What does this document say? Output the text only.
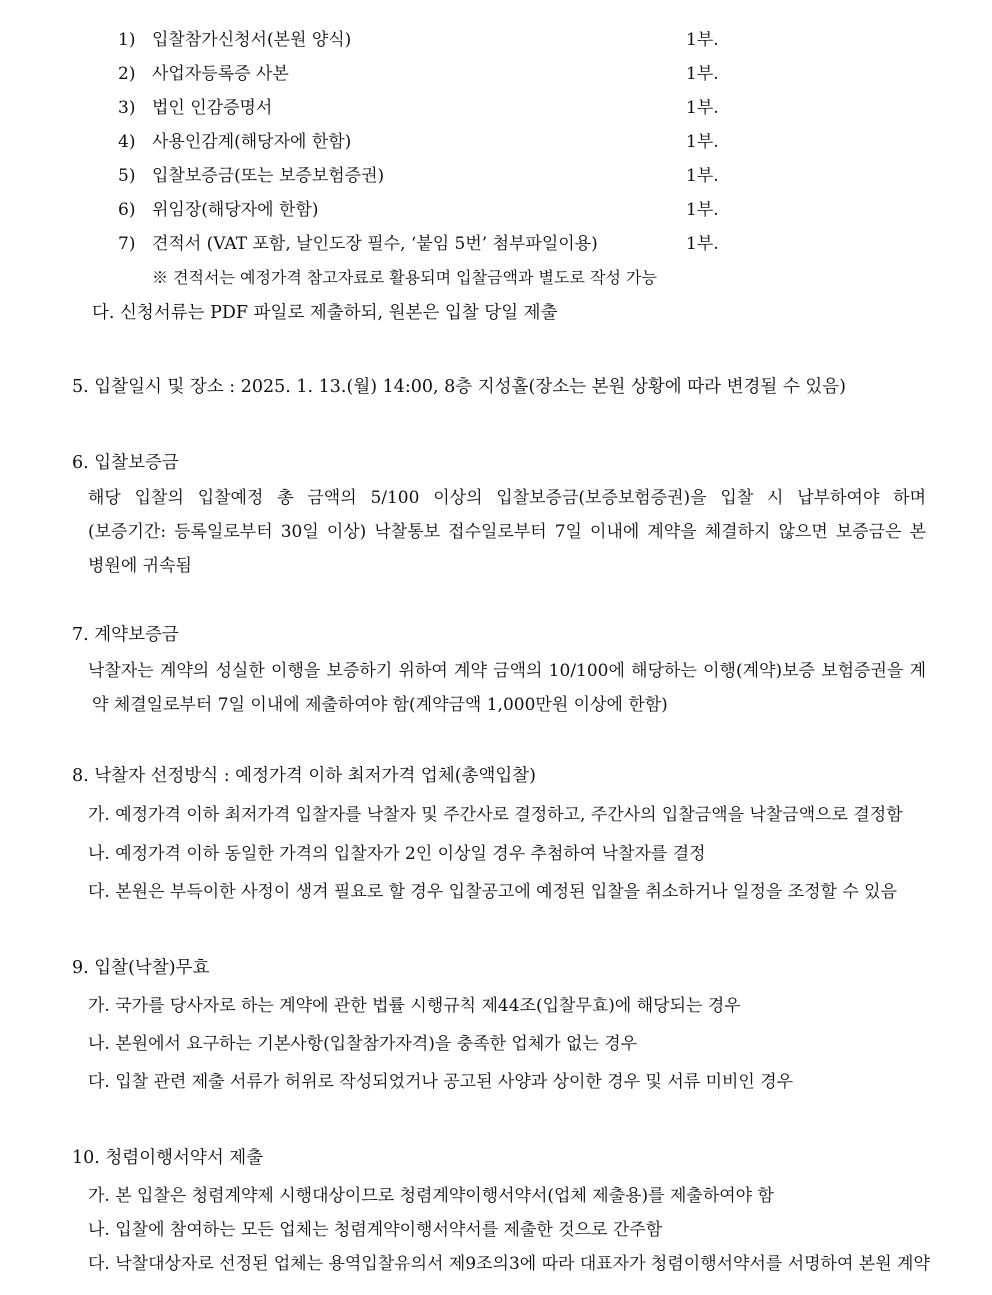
1) 입찰참가신청서(본원 양식)	1부.
2) 사업자등록증 사본	1부.
3) 법인 인감증명서	1부.
4) 사용인감계(해당자에 한함)	1부.
5) 입찰보증금(또는 보증보험증권)	1부.
6) 위임장(해당자에 한함)	1부.
7) 견적서 (VAT 포함, 날인도장 필수, ‘붙임 5번’ 첨부파일이용)	1부.
※ 견적서는 예정가격 참고자료로 활용되며 입찰금액과 별도로 작성 가능
다. 신청서류는 PDF 파일로 제출하되, 원본은 입찰 당일 제출
5. 입찰일시 및 장소 : 2025. 1. 13.(월) 14:00, 8층 지성홀(장소는 본원 상황에 따라 변경될 수 있음)
6. 입찰보증금
해당 입찰의 입찰예정 총 금액의 5/100 이상의 입찰보증금(보증보험증권)을 입찰 시 납부하여야 하며
(보증기간: 등록일로부터 30일 이상) 낙찰통보 접수일로부터 7일 이내에 계약을 체결하지 않으면 보증금은 본
병원에 귀속됨
7. 계약보증금
낙찰자는 계약의 성실한 이행을 보증하기 위하여 계약 금액의 10/100에 해당하는 이행(계약)보증 보험증권을 계
약 체결일로부터 7일 이내에 제출하여야 함(계약금액 1,000만원 이상에 한함)
8. 낙찰자 선정방식 : 예정가격 이하 최저가격 업체(총액입찰)
가. 예정가격 이하 최저가격 입찰자를 낙찰자 및 주간사로 결정하고, 주간사의 입찰금액을 낙찰금액으로 결정함
나. 예정가격 이하 동일한 가격의 입찰자가 2인 이상일 경우 추첨하여 낙찰자를 결정
다. 본원은 부득이한 사정이 생겨 필요로 할 경우 입찰공고에 예정된 입찰을 취소하거나 일정을 조정할 수 있음
9. 입찰(낙찰)무효
가. 국가를 당사자로 하는 계약에 관한 법률 시행규칙 제44조(입찰무효)에 해당되는 경우
나. 본원에서 요구하는 기본사항(입찰참가자격)을 충족한 업체가 없는 경우
다. 입찰 관련 제출 서류가 허위로 작성되었거나 공고된 사양과 상이한 경우 및 서류 미비인 경우
10. 청렴이행서약서 제출
가. 본 입찰은 청렴계약제 시행대상이므로 청렴계약이행서약서(업체 제출용)를 제출하여야 함
나. 입찰에 참여하는 모든 업체는 청렴계약이행서약서를 제출한 것으로 간주함
다. 낙찰대상자로 선정된 업체는 용역입찰유의서 제9조의3에 따라 대표자가 청렴이행서약서를 서명하여 본원 계약
